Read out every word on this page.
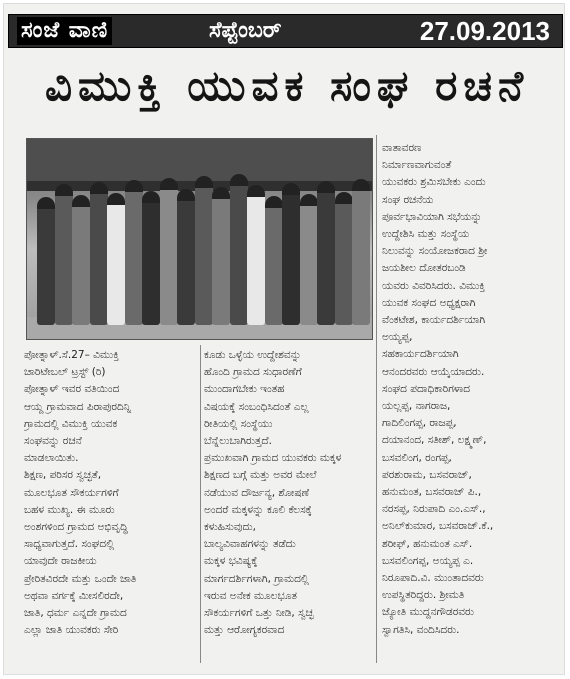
ಸಂಜೆ ವಾಣಿ	ಸೆಪ್ಟೆಂಬರ್	27.09.2013
ವಿಮುಕ್ತಿ ಯುವಕ ಸಂಘ ರಚನೆ

ಪೋತ್ನಾಳ್.ಸೆ.27– ವಿಮುಕ್ತಿ

ಚಾರಿಟೇಬಲ್ ಟ್ರಸ್ಟ್ (ರಿ)

ಪೋತ್ನಾಳ್ ಇವರ ವತಿಯಿಂದ

ಆಯ್ದ ಗ್ರಾಮವಾದ ಪಿರಾಪುರದಿನ್ನಿ

ಗ್ರಾಮದಲ್ಲಿ ವಿಮುಕ್ತಿ ಯುವಕ

ಸಂಘವನ್ನು ರಚನೆ

ಮಾಡಲಾಯಿತು.

ಶಿಕ್ಷಣ, ಪರಿಸರ ಸ್ವಚ್ಛತೆ,

ಮೂಲಭೂತ ಸೌಕರ್ಯಗಳಿಗೆ

ಬಹಳ ಮುಖ್ಯ. ಈ ಮೂರು

ಅಂಶಗಳಿಂದ ಗ್ರಾಮದ ಅಭಿವೃದ್ಧಿ

ಸಾಧ್ಯವಾಗುತ್ತದೆ. ಸಂಘದಲ್ಲಿ

ಯಾವುದೇ ರಾಜಕೀಯ

ಪ್ರೇರಿತವಿರದೇ ಮತ್ತು ಒಂದೇ ಜಾತಿ

ಅಥವಾ ವರ್ಗಕ್ಕೆ ಮೀಸಲಿರದೇ,

ಜಾತಿ, ಧರ್ಮ ಎನ್ನದೇ ಗ್ರಾಮದ

ಎಲ್ಲಾ ಜಾತಿ ಯುವಕರು ಸೇರಿ

ಕೂಡು ಒಳ್ಳೆಯ ಉದ್ದೇಶವನ್ನು

ಹೊಂದಿ ಗ್ರಾಮದ ಸುಧಾರಣೆಗೆ

ಮುಂದಾಗಬೇಕು ಇಂತಹ

ವಿಷಯಕ್ಕೆ ಸಂಬಂಧಿಸಿದಂತೆ ಎಲ್ಲ

ರೀತಿಯಲ್ಲಿ ಸಂಸ್ಥೆಯು

ಬೆನ್ನೆಲುಬಾಗಿರುತ್ತದೆ.

ಪ್ರಮುಖವಾಗಿ ಗ್ರಾಮದ ಯುವಕರು ಮಕ್ಕಳ

ಶಿಕ್ಷಣದ ಬಗ್ಗೆ ಮತ್ತು ಅವರ ಮೇಲೆ

ನಡೆಯುವ ದೌರ್ಜನ್ಯ, ಶೋಷಣೆ

ಅಂದರೆ ಮಕ್ಕಳನ್ನು ಕೂಲಿ ಕೆಲಸಕ್ಕೆ

ಕಳುಹಿಸುವುದು,

ಬಾಲ್ಯವಿವಾಹಗಳನ್ನು ತಡೆದು

ಮಕ್ಕಳ ಭವಿಷ್ಯಕ್ಕೆ

ಮಾರ್ಗದರ್ಶಿಗಳಾಗಿ, ಗ್ರಾಮದಲ್ಲಿ

ಇರುವ ಅನೇಕ ಮೂಲಭೂತ

ಸೌಕರ್ಯಗಳಿಗೆ ಒತ್ತು ನೀಡಿ, ಸ್ವಚ್ಛ

ಮತ್ತು ಆರೋಗ್ಯಕರವಾದ

ವಾತಾವರಣ

ನಿರ್ಮಾಣವಾಗುವಂತೆ

ಯುವಕರು ಶ್ರಮಿಸಬೇಕು ಎಂದು

ಸಂಘ ರಚನೆಯ

ಪೂರ್ವಭಾವಿಯಾಗಿ ಸಭೆಯನ್ನು

ಉದ್ದೇಶಿಸಿ ಮತ್ತು ಸಂಸ್ಥೆಯ

ನಿಲುವನ್ನು ಸಂಯೋಜಕರಾದ ಶ್ರೀ

ಜಯಶೀಲ ದೋತರಬಂಡಿ

ಯವರು ವಿವರಿಸಿದರು. ವಿಮುಕ್ತಿ

ಯುವಕ ಸಂಘದ ಅಧ್ಯಕ್ಷರಾಗಿ

ವೆಂಕಟೇಶ, ಕಾರ್ಯದರ್ಶಿಯಾಗಿ

ಅಯ್ಯಪ್ಪ,

ಸಹಕಾರ್ಯದರ್ಶಿಯಾಗಿ

ಆನಂದರವರು ಆಯ್ಕೆಯಾದರು.

ಸಂಘದ ಪದಾಧಿಕಾರಿಗಳಾದ

ಯಲ್ಲಪ್ಪ, ನಾಗರಾಜ,

ಗಾದಿಲಿಂಗಪ್ಪ, ರಾಜಪ್ಪ,

ದಯಾನಂದ, ಸತೀಶ್, ಲಕ್ಷ್ಮಣ್,

ಬಸವಲಿಂಗ, ರಂಗಪ್ಪ,

ಪರಶುರಾಮ, ಬಸವರಾಜ್,

ಹನುಮಂತ, ಬಸವರಾಜ್ ಪಿ.,

ನರಸಪ್ಪ, ನಿರುಪಾದಿ ಎಂ.ಎಸ್.,

ಅನಿಲ್‌ಕುಮಾರ, ಬಸವರಾಜ್.ಕೆ.,

ಶರೀಫ್, ಹನುಮಂತ ಎಸ್.

ಬಸವಲಿಂಗಪ್ಪ, ಅಯ್ಯಪ್ಪ ಎ.

ನಿರೂಪಾದಿ.ವಿ. ಮುಂತಾದವರು

ಉಪಸ್ಥಿತರಿದ್ದರು. ಶ್ರೀಮತಿ

ಜ್ಯೋತಿ ಮುದ್ದನಗೌಡರವರು

ಸ್ವಾಗತಿಸಿ, ವಂದಿಸಿದರು.
